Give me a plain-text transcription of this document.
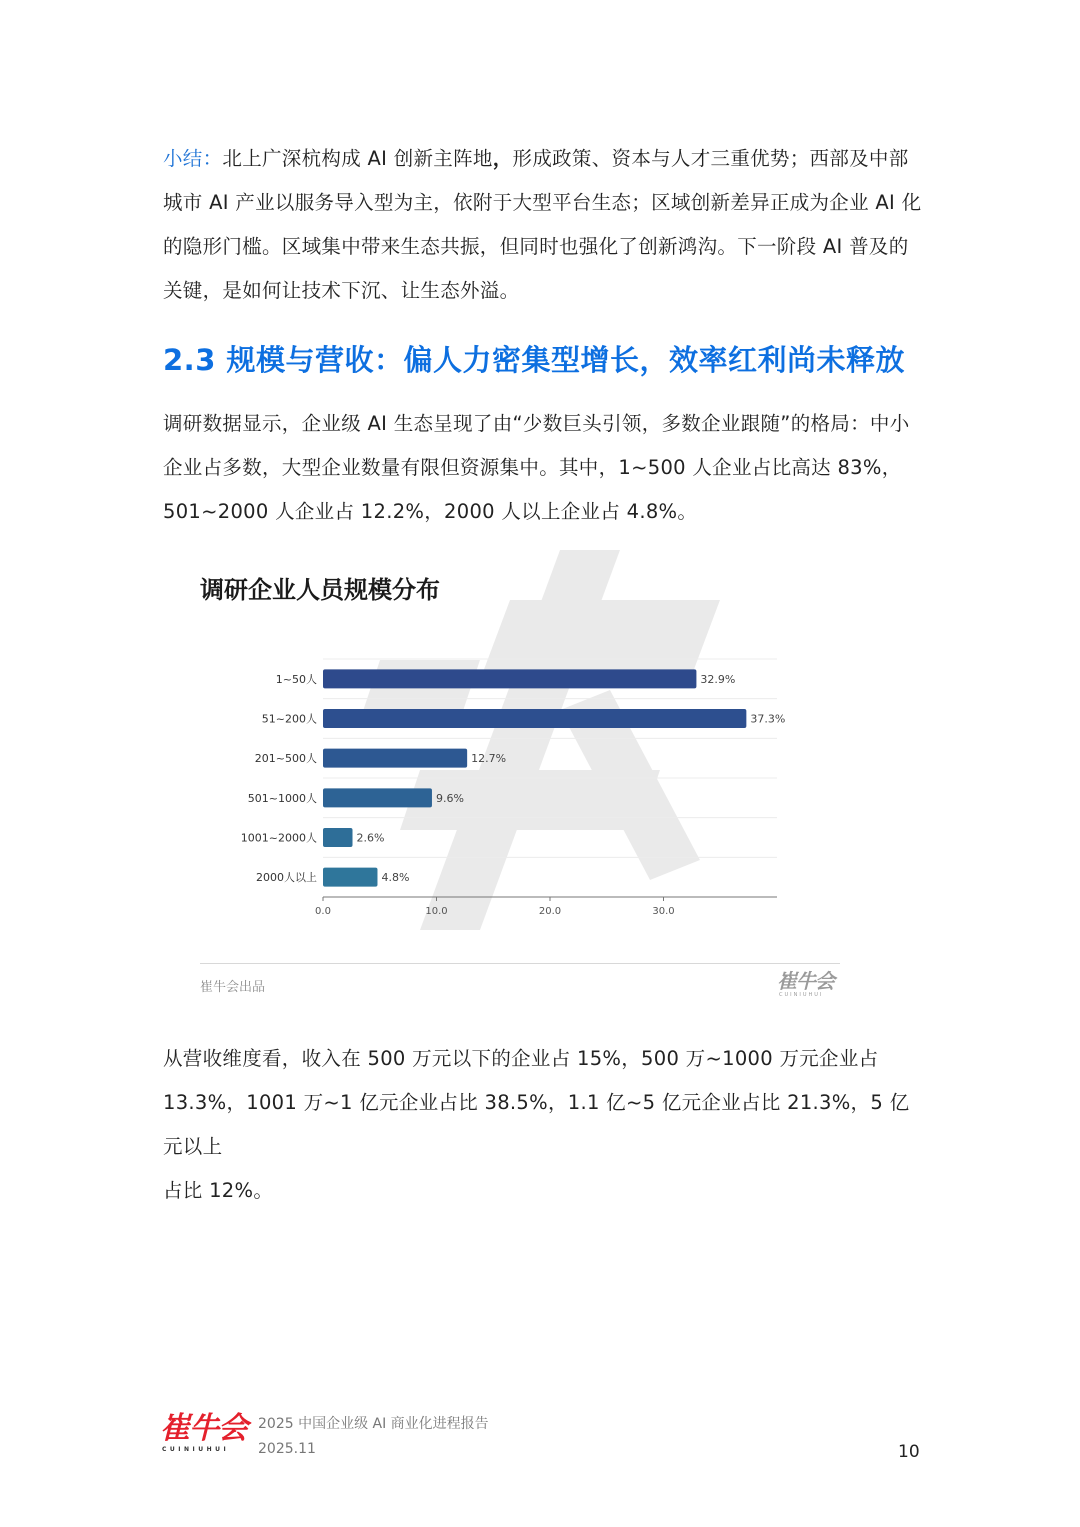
小结：北上广深杭构成 AI 创新主阵地，形成政策、资本与人才三重优势；西部及中部
城市 AI 产业以服务导入型为主，依附于大型平台生态；区域创新差异正成为企业 AI 化
的隐形门槛。区域集中带来生态共振，但同时也强化了创新鸿沟。下一阶段 AI 普及的
关键，是如何让技术下沉、让生态外溢。
2.3 规模与营收：偏人力密集型增长，效率红利尚未释放
调研数据显示，企业级 AI 生态呈现了由“少数巨头引领，多数企业跟随”的格局：中小
企业占多数，大型企业数量有限但资源集中。其中，1~500 人企业占比高达 83%，
501~2000 人企业占 12.2%，2000 人以上企业占 4.8%。
调研企业人员规模分布
1~50人	32.9%
51~200人	37.3%
201~500人	12.7%
501~1000人	9.6%
1001~2000人	2.6%
2000人以上	4.8%
0.0	10.0	20.0	30.0
崔牛会出品	崔牛会
CUINIUHUI
从营收维度看，收入在 500 万元以下的企业占 15%，500 万~1000 万元企业占
13.3%，1001 万~1 亿元企业占比 38.5%，1.1 亿~5 亿元企业占比 21.3%，5 亿元以上
占比 12%。
崔牛会
CUINIUHUI
2025 中国企业级 AI 商业化进程报告
2025.11	10
